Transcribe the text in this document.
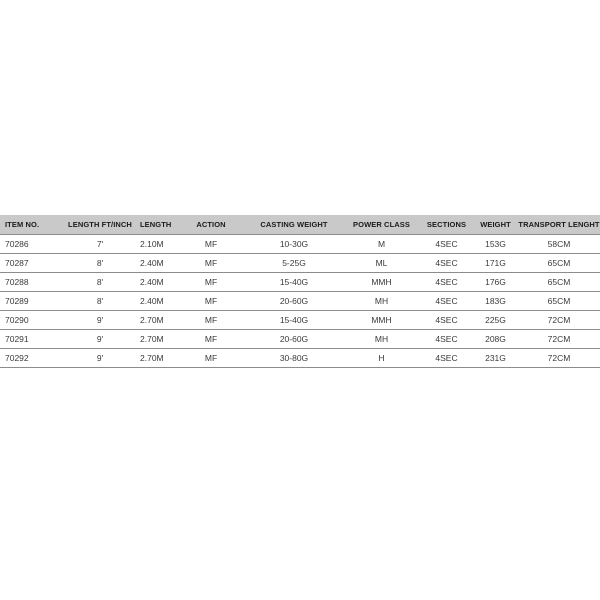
ITEM NO.	LENGTH FT/INCH	LENGTH	ACTION	CASTING WEIGHT	POWER CLASS	SECTIONS	WEIGHT	TRANSPORT LENGHT
70286	7'	2.10M	MF	10-30G	M	4SEC	153G	58CM
70287	8'	2.40M	MF	5-25G	ML	4SEC	171G	65CM
70288	8'	2.40M	MF	15-40G	MMH	4SEC	176G	65CM
70289	8'	2.40M	MF	20-60G	MH	4SEC	183G	65CM
70290	9'	2.70M	MF	15-40G	MMH	4SEC	225G	72CM
70291	9'	2.70M	MF	20-60G	MH	4SEC	208G	72CM
70292	9'	2.70M	MF	30-80G	H	4SEC	231G	72CM
